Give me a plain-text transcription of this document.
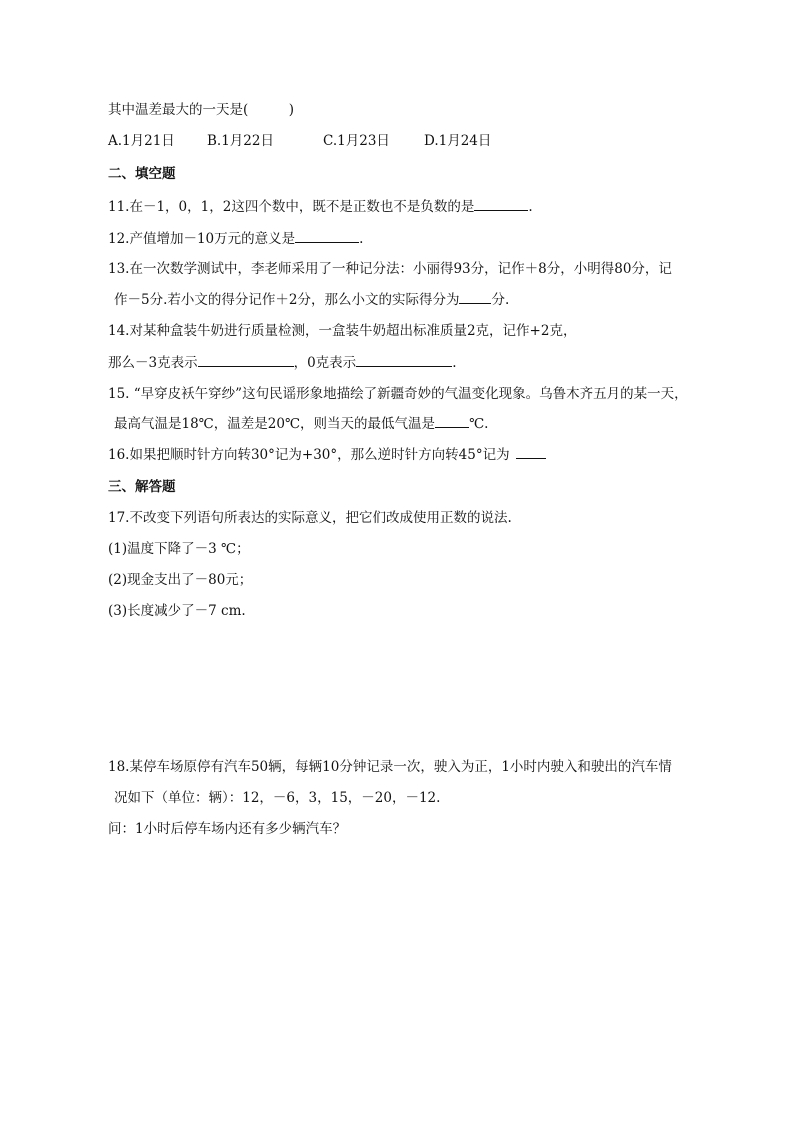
其中温差最大的一天是(　　　)
A.1月21日 B.1月22日	C.1月23日	D.1月24日
二、填空题
11.在－1，0，1，2这四个数中，既不是正数也不是负数的是	.
12.产值增加－10万元的意义是	.
13.在一次数学测试中，李老师采用了一种记分法：小丽得93分，记作＋8分，小明得80分，记
作－5分.若小文的得分记作＋2分，那么小文的实际得分为 分.
14.对某种盒装牛奶进行质量检测，一盒装牛奶超出标准质量2克，记作+2克，
那么－3克表示	，0克表示	.
15. “早穿皮袄午穿纱”这句民谣形象地描绘了新疆奇妙的气温变化现象。乌鲁木齐五月的某一天，
最高气温是18℃，温差是20℃，则当天的最低气温是	℃.
16.如果把顺时针方向转30°记为+30°，那么逆时针方向转45°记为
三、解答题
17.不改变下列语句所表达的实际意义，把它们改成使用正数的说法.
(1)温度下降了－3 ℃；
(2)现金支出了－80元；
(3)长度减少了－7 cm.
18.某停车场原停有汽车50辆，每辆10分钟记录一次，驶入为正，1小时内驶入和驶出的汽车情
况如下（单位：辆）：12，－6，3，15，－20，－12.
问：1小时后停车场内还有多少辆汽车？
